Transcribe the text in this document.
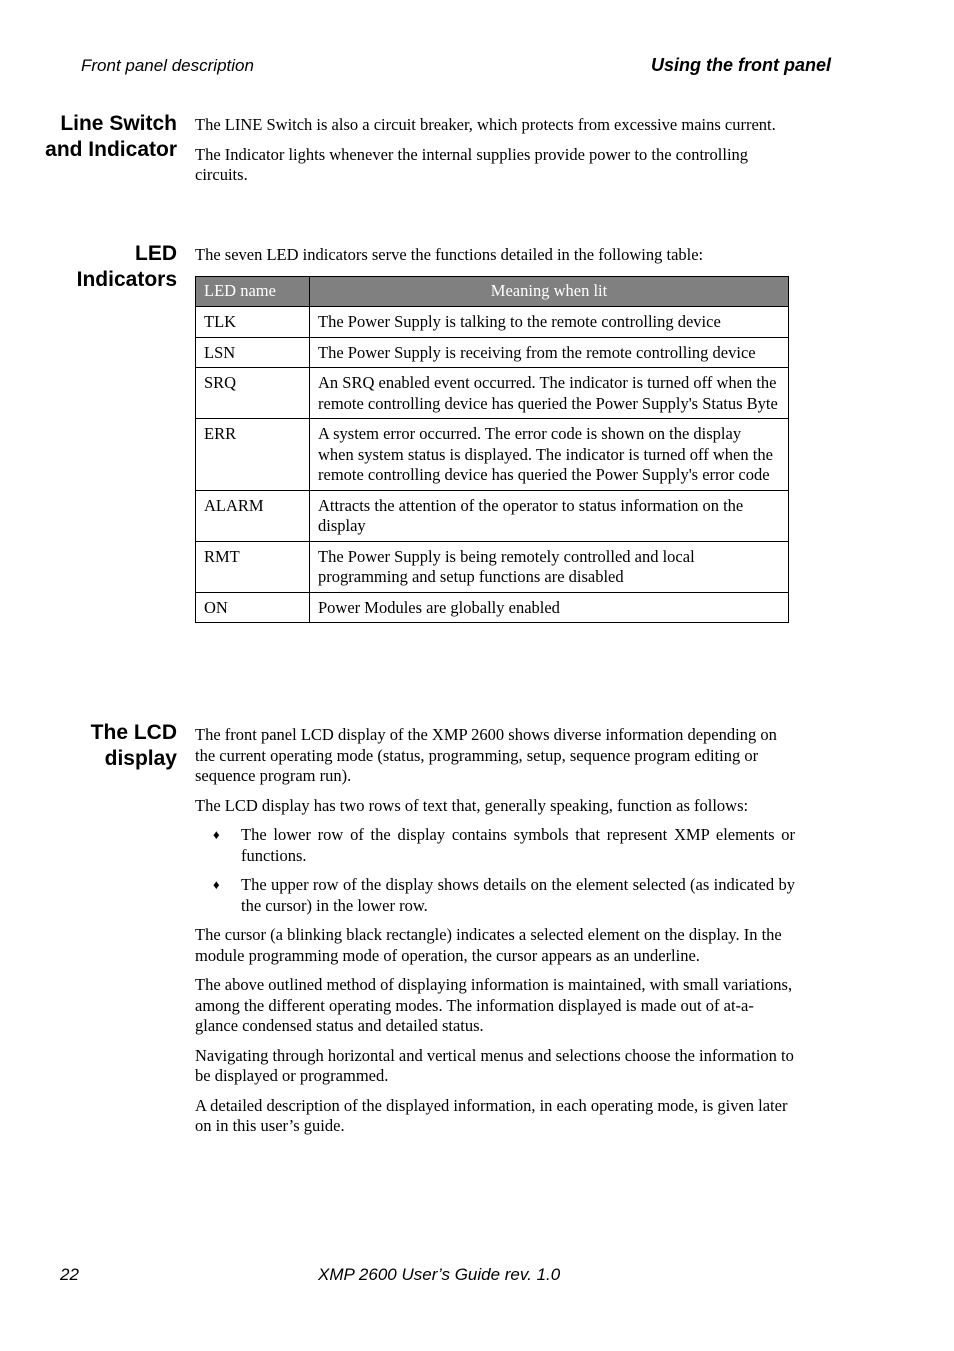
Front panel description	Using the front panel
Line Switch
and Indicator

The LINE Switch is also a circuit breaker, which protects from excessive mains current.

The Indicator lights whenever the internal supplies provide power to the controlling circuits.

LED
Indicators

The seven LED indicators serve the functions detailed in the following table:

LED name	Meaning when lit
TLK	The Power Supply is talking to the remote controlling device
LSN	The Power Supply is receiving from the remote controlling device
SRQ	An SRQ enabled event occurred. The indicator is turned off when the remote controlling device has queried the Power Supply's Status Byte
ERR	A system error occurred. The error code is shown on the display when system status is displayed. The indicator is turned off when the remote controlling device has queried the Power Supply's error code
ALARM	Attracts the attention of the operator to status information on the display
RMT	The Power Supply is being remotely controlled and local programming and setup functions are disabled
ON	Power Modules are globally enabled
The LCD
display

The front panel LCD display of the XMP 2600 shows diverse information depending on the current operating mode (status, programming, setup, sequence program editing or sequence program run).

The LCD display has two rows of text that, generally speaking, function as follows:

♦ The lower row of the display contains symbols that represent XMP elements or functions.
♦ The upper row of the display shows details on the element selected (as indicated by the cursor) in the lower row.

The cursor (a blinking black rectangle) indicates a selected element on the display. In the module programming mode of operation, the cursor appears as an underline.

The above outlined method of displaying information is maintained, with small variations, among the different operating modes. The information displayed is made out of at-a-glance condensed status and detailed status.

Navigating through horizontal and vertical menus and selections choose the information to be displayed or programmed.

A detailed description of the displayed information, in each operating mode, is given later on in this user’s guide.

22	XMP 2600 User’s Guide rev. 1.0
